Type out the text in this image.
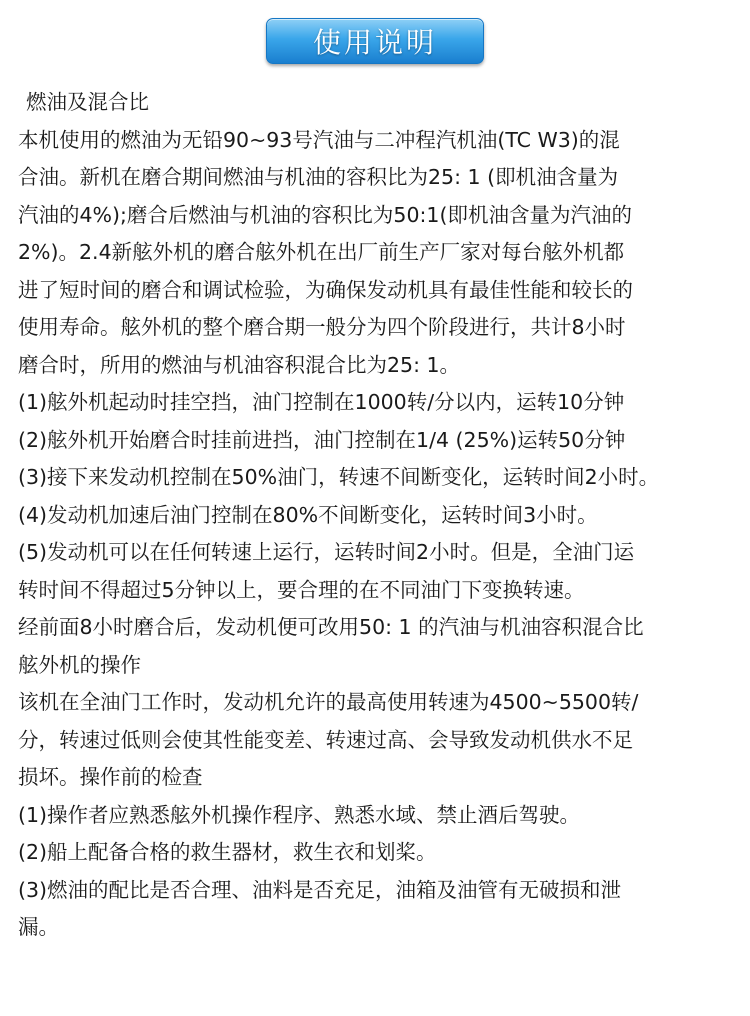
使用说明
燃油及混合比
本机使用的燃油为无铅90~93号汽油与二冲程汽机油(TC W3)的混
合油。新机在磨合期间燃油与机油的容积比为25: 1 (即机油含量为
汽油的4%);磨合后燃油与机油的容积比为50:1(即机油含量为汽油的
2%)。2.4新舷外机的磨合舷外机在出厂前生产厂家对每台舷外机都
进了短时间的磨合和调试检验，为确保发动机具有最佳性能和较长的
使用寿命。舷外机的整个磨合期一般分为四个阶段进行，共计8小时
磨合时，所用的燃油与机油容积混合比为25: 1。
(1)舷外机起动时挂空挡，油门控制在1000转/分以内，运转10分钟
(2)舷外机开始磨合时挂前进挡，油门控制在1/4 (25%)运转50分钟
(3)接下来发动机控制在50%油门，转速不间断变化，运转时间2小时。
(4)发动机加速后油门控制在80%不间断变化，运转时间3小时。
(5)发动机可以在任何转速上运行，运转时间2小时。但是，全油门运
转时间不得超过5分钟以上，要合理的在不同油门下变换转速。
经前面8小时磨合后，发动机便可改用50: 1 的汽油与机油容积混合比
舷外机的操作
该机在全油门工作时，发动机允许的最高使用转速为4500~5500转/
分，转速过低则会使其性能变差、转速过高、会导致发动机供水不足
损坏。操作前的检查
(1)操作者应熟悉舷外机操作程序、熟悉水域、禁止酒后驾驶。
(2)船上配备合格的救生器材，救生衣和划桨。
(3)燃油的配比是否合理、油料是否充足，油箱及油管有无破损和泄
漏。
